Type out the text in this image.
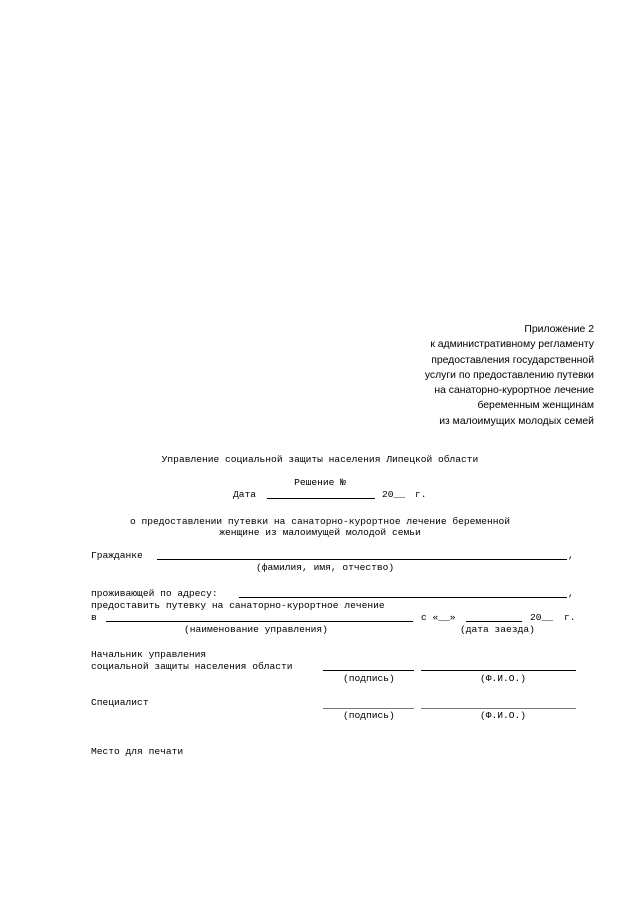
Приложение 2
к административному регламенту
предоставления государственной
услуги по предоставлению путевки
на санаторно-курортное лечение
беременным женщинам
из малоимущих молодых семей
Управление социальной защиты населения Липецкой области
Решение №
Дата	20__ г.
о предоставлении путевки на санаторно-курортное лечение беременной
женщине из малоимущей молодой семьи
Гражданке	,
(фамилия, имя, отчество)
проживающей по адресу:	,
предоставить путевку на санаторно-курортное лечение
в	с «__»	20__ г.
(наименование управления)	(дата заезда)
Начальник управления
социальной защиты населения области
(подпись)	(Ф.И.О.)
Специалист
(подпись)	(Ф.И.О.)
Место для печати
